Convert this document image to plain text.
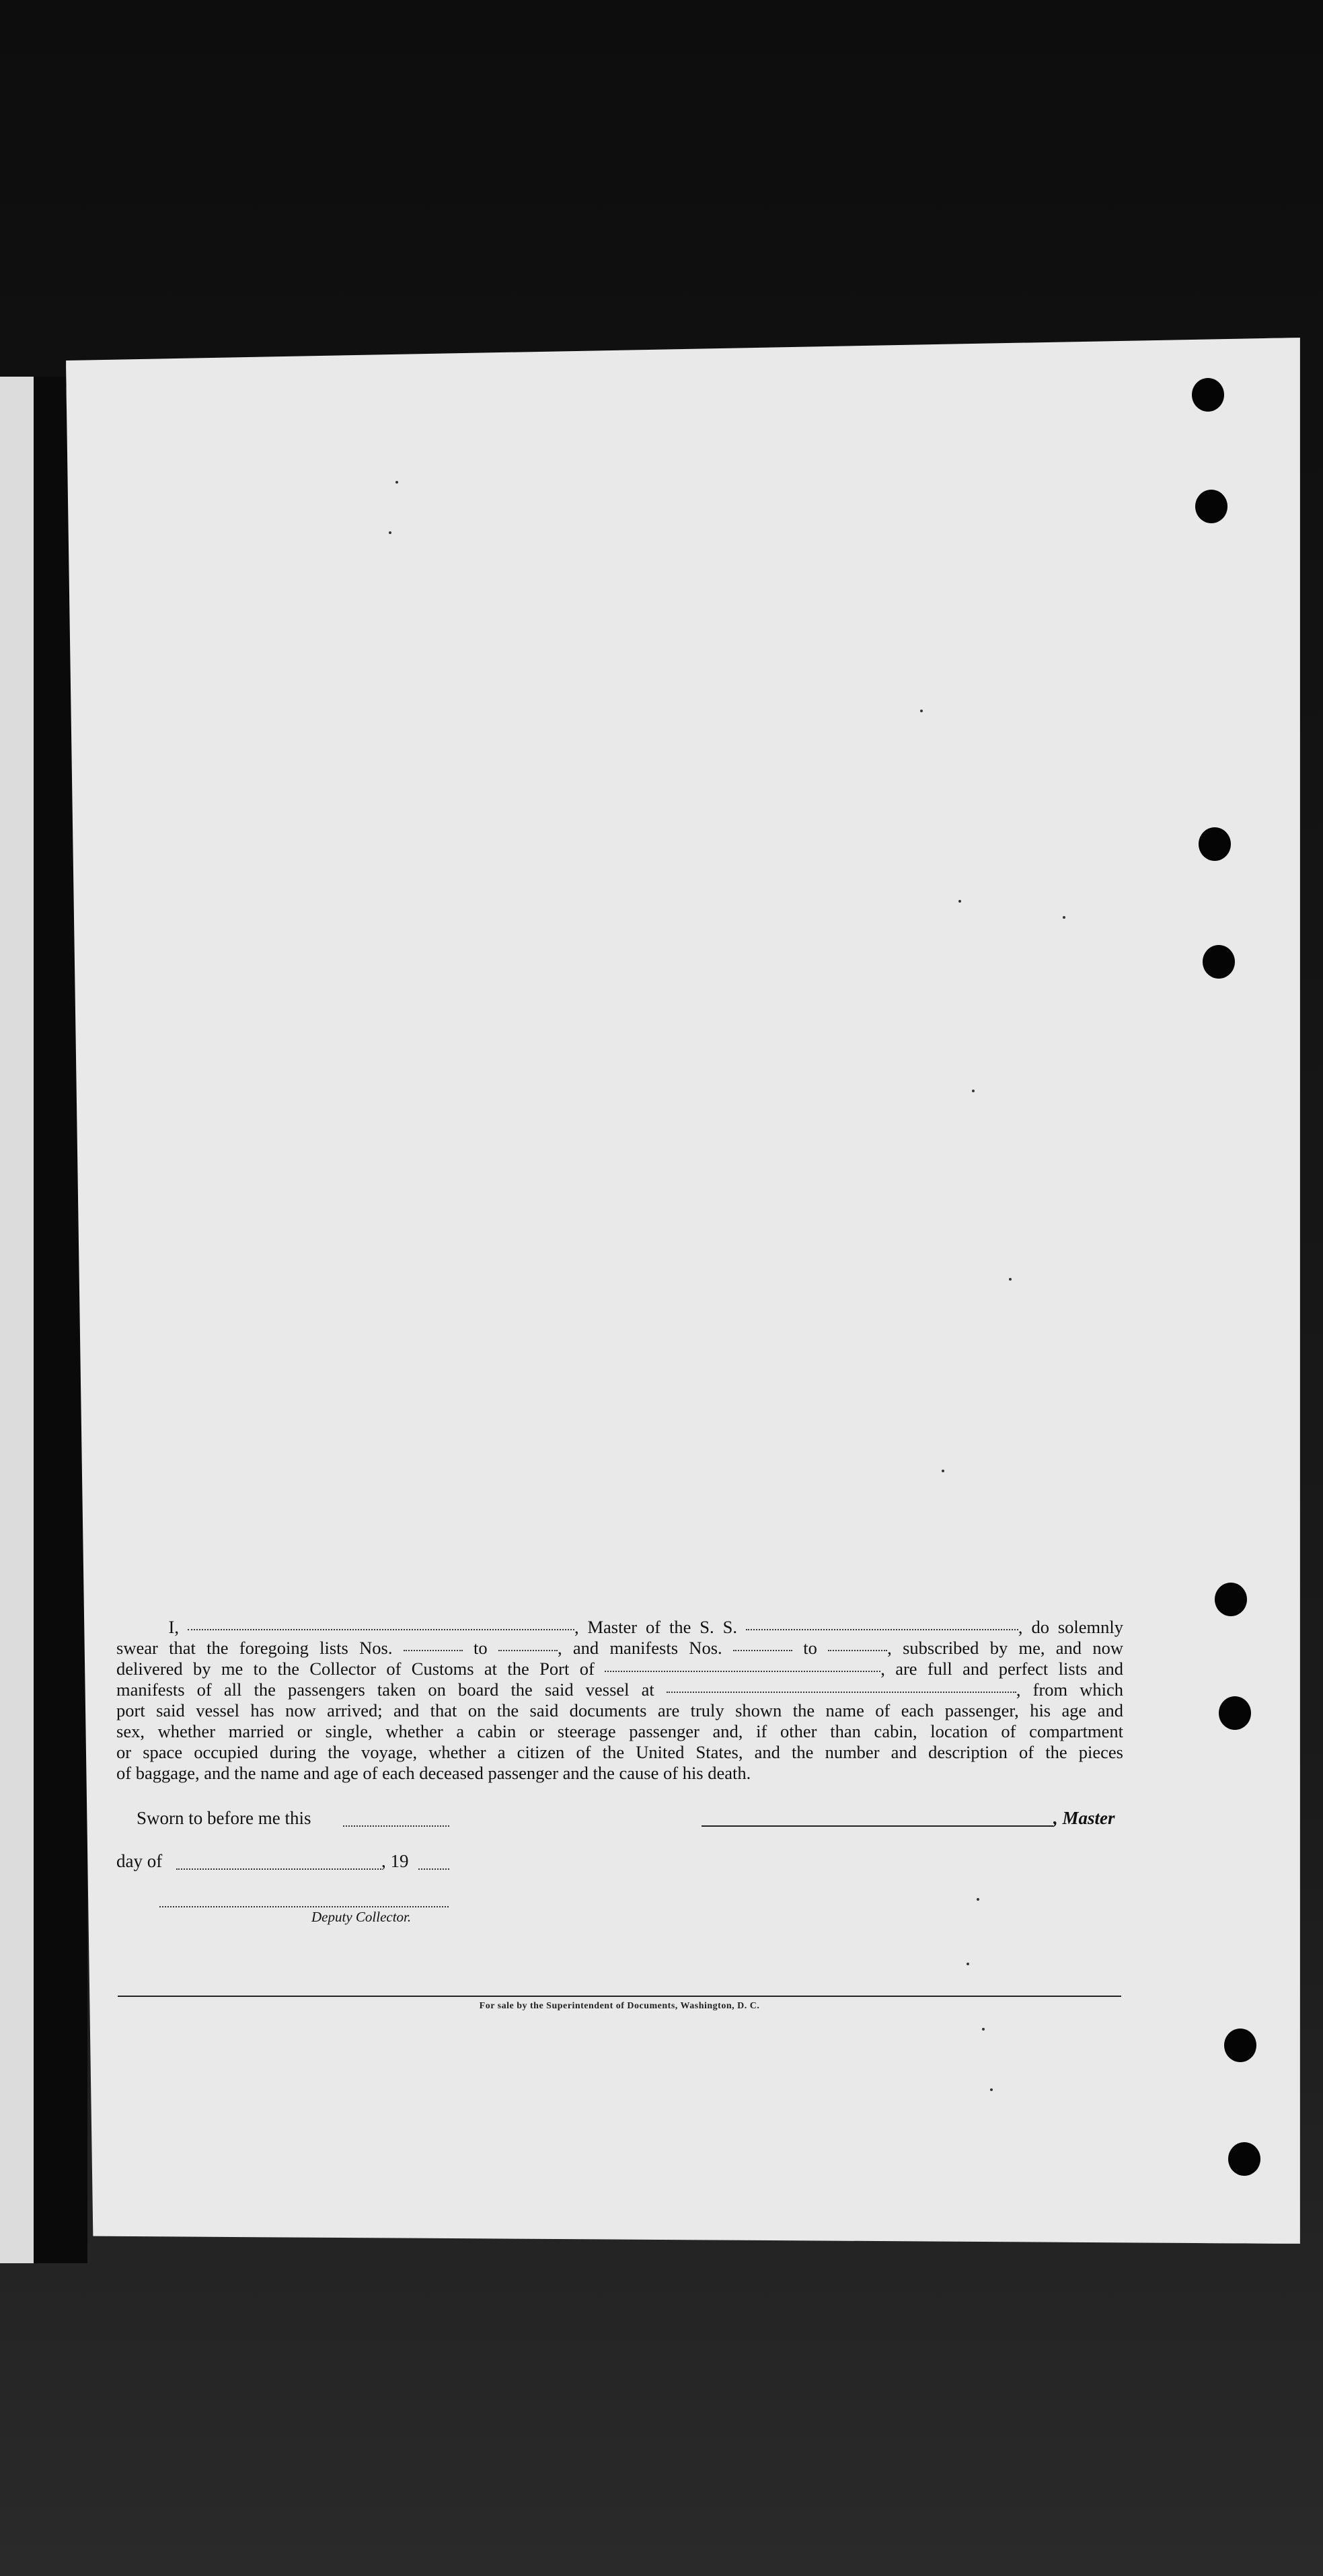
I,	, Master of the S. S.	, do solemnly
swear that the foregoing lists Nos.	to	, and manifests Nos.	to	, subscribed by me, and now
delivered by me to the Collector of Customs at the Port of	, are full and perfect lists and
manifests of all the passengers taken on board the said vessel at	, from which
port said vessel has now arrived; and that on the said documents are truly shown the name of each passenger, his age and
sex, whether married or single, whether a cabin or steerage passenger and, if other than cabin, location of compartment
or space occupied during the voyage, whether a citizen of the United States, and the number and description of the pieces
of baggage, and the name and age of each deceased passenger and the cause of his death.
Sworn to before me this	, Master
day of	, 19
Deputy Collector.
For sale by the Superintendent of Documents, Washington, D. C.
